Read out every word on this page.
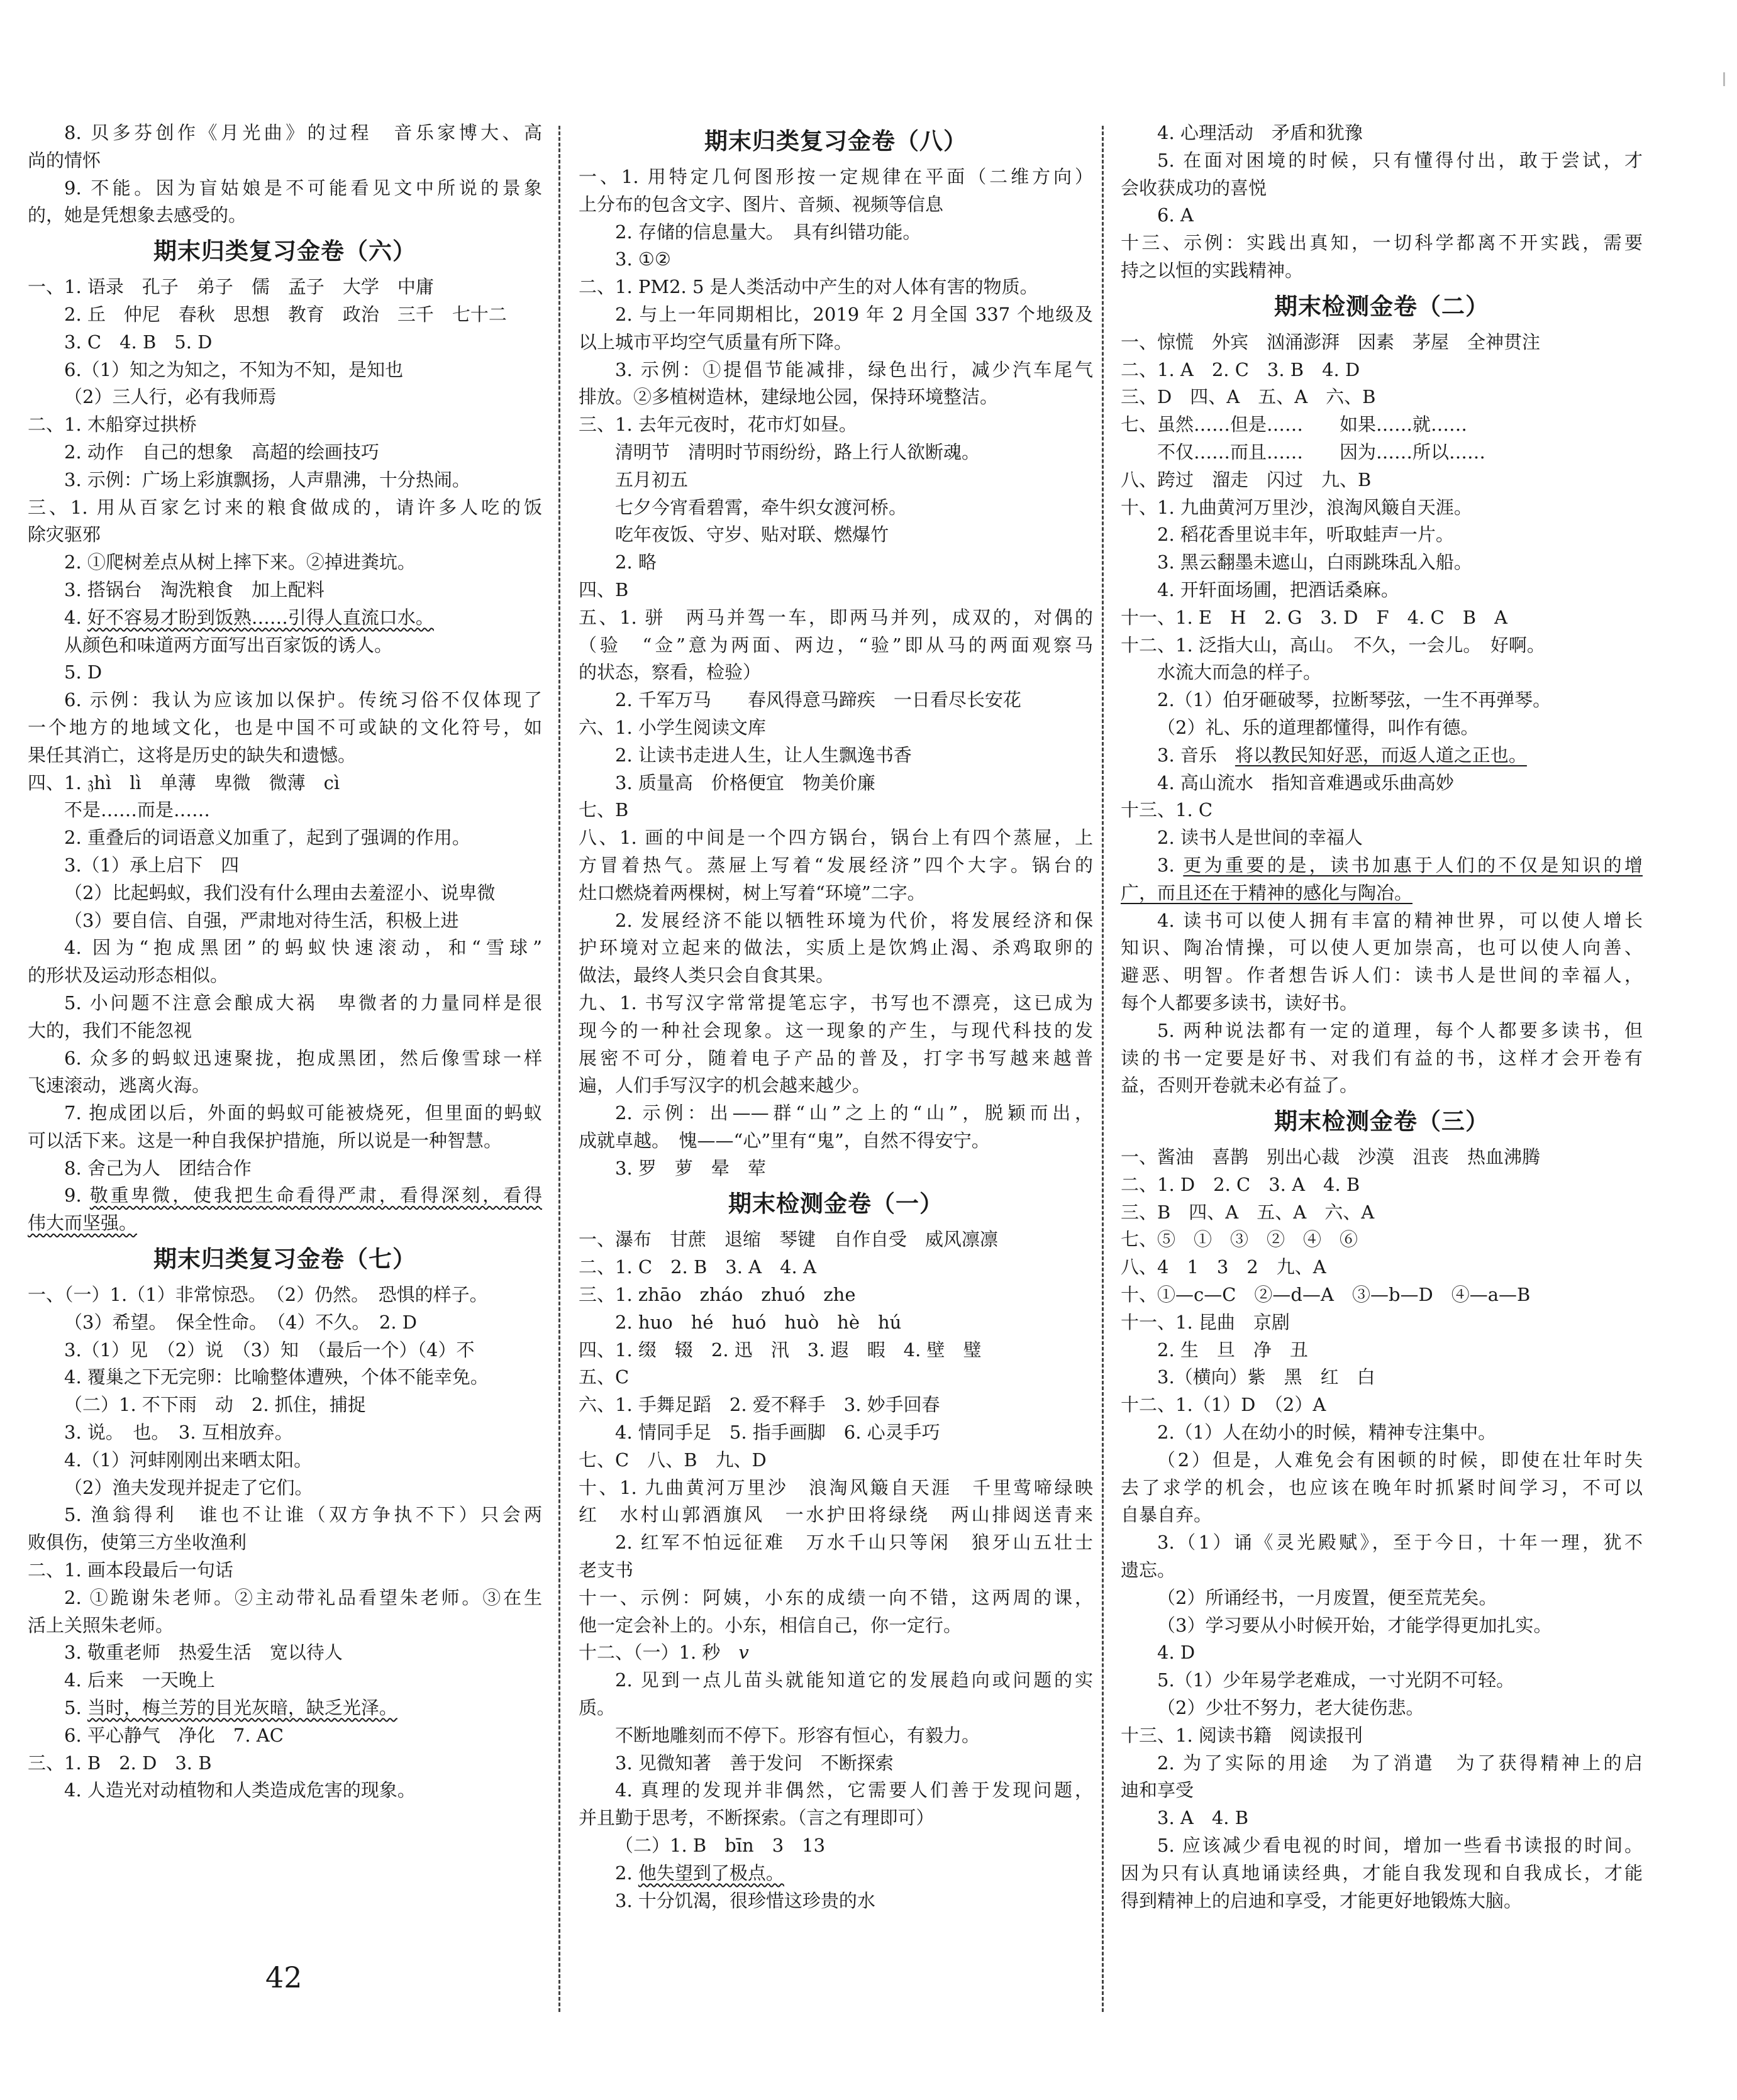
8. 贝多芬创作《月光曲》的过程　音乐家博大、高
尚的情怀
9. 不能。因为盲姑娘是不可能看见文中所说的景象
的，她是凭想象去感受的。
期末归类复习金卷（六）
一、1. 语录　孔子　弟子　儒　孟子　大学　中庸
2. 丘　仲尼　春秋　思想　教育　政治　三千　七十二
3. C　4. B　5. D
6.（1）知之为知之，不知为不知，是知也
（2）三人行，必有我师焉
二、1. 木船穿过拱桥
2. 动作　自己的想象　高超的绘画技巧
3. 示例：广场上彩旗飘扬，人声鼎沸，十分热闹。
三、1. 用从百家乞讨来的粮食做成的，请许多人吃的饭
除灾驱邪
2. ①爬树差点从树上摔下来。②掉进粪坑。
3. 搭锅台　淘洗粮食　加上配料
4. 好不容易才盼到饭熟……引得人直流口水。
从颜色和味道两方面写出百家饭的诱人。
5. D
6. 示例：我认为应该加以保护。传统习俗不仅体现了
一个地方的地域文化，也是中国不可或缺的文化符号，如
果任其消亡，这将是历史的缺失和遗憾。
四、1. 𝔷hì　lì　单薄　卑微　微薄　cì
不是……而是……
2. 重叠后的词语意义加重了，起到了强调的作用。
3.（1）承上启下　四
（2）比起蚂蚁，我们没有什么理由去羞涩小、说卑微
（3）要自信、自强，严肃地对待生活，积极上进
4. 因为“抱成黑团”的蚂蚁快速滚动，和“雪球”
的形状及运动形态相似。
5. 小问题不注意会酿成大祸　卑微者的力量同样是很
大的，我们不能忽视
6. 众多的蚂蚁迅速聚拢，抱成黑团，然后像雪球一样
飞速滚动，逃离火海。
7. 抱成团以后，外面的蚂蚁可能被烧死，但里面的蚂蚁
可以活下来。这是一种自我保护措施，所以说是一种智慧。
8. 舍己为人　团结合作
9. 敬重卑微，使我把生命看得严肃，看得深刻，看得
伟大而坚强。
期末归类复习金卷（七）
一、（一）1.（1）非常惊恐。　（2）仍然。　恐惧的样子。
（3）希望。　保全性命。　（4）不久。　2. D
3.（1）见　（2）说　（3）知　（最后一个）（4）不
4. 覆巢之下无完卵：比喻整体遭殃，个体不能幸免。
（二）1. 不下雨　动　2. 抓住，捕捉
3. 说。　也。　3. 互相放弃。
4.（1）河蚌刚刚出来晒太阳。
（2）渔夫发现并捉走了它们。
5. 渔翁得利　谁也不让谁（双方争执不下）只会两
败俱伤，使第三方坐收渔利
二、1. 画本段最后一句话
2. ①跪谢朱老师。②主动带礼品看望朱老师。③在生
活上关照朱老师。
3. 敬重老师　热爱生活　宽以待人
4. 后来　一天晚上
5. 当时，梅兰芳的目光灰暗，缺乏光泽。
6. 平心静气　净化　7. AC
三、1. B　2. D　3. B
4. 人造光对动植物和人类造成危害的现象。
期末归类复习金卷（八）
一、1. 用特定几何图形按一定规律在平面（二维方向）
上分布的包含文字、图片、音频、视频等信息
2. 存储的信息量大。　具有纠错功能。
3. ①②
二、1. PM2. 5 是人类活动中产生的对人体有害的物质。
2. 与上一年同期相比，2019 年 2 月全国 337 个地级及
以上城市平均空气质量有所下降。
3. 示例：①提倡节能减排，绿色出行，减少汽车尾气
排放。②多植树造林，建绿地公园，保持环境整洁。
三、1. 去年元夜时，花市灯如昼。
清明节　清明时节雨纷纷，路上行人欲断魂。
五月初五
七夕今宵看碧霄，牵牛织女渡河桥。
吃年夜饭、守岁、贴对联、燃爆竹
2. 略
四、B
五、1. 骈　两马并驾一车，即两马并列，成双的，对偶的
（验　“佥”意为两面、两边，“验”即从马的两面观察马
的状态，察看，检验）
2. 千军万马　　春风得意马蹄疾　一日看尽长安花
六、1. 小学生阅读文库
2. 让读书走进人生，让人生飘逸书香
3. 质量高　价格便宜　物美价廉
七、B
八、1. 画的中间是一个四方锅台，锅台上有四个蒸屉，上
方冒着热气。蒸屉上写着“发展经济”四个大字。锅台的
灶口燃烧着两棵树，树上写着“环境”二字。
2. 发展经济不能以牺牲环境为代价，将发展经济和保
护环境对立起来的做法，实质上是饮鸩止渴、杀鸡取卵的
做法，最终人类只会自食其果。
九、1. 书写汉字常常提笔忘字，书写也不漂亮，这已成为
现今的一种社会现象。这一现象的产生，与现代科技的发
展密不可分，随着电子产品的普及，打字书写越来越普
遍，人们手写汉字的机会越来越少。
2. 示例：出——群“山”之上的“山”，脱颖而出，
成就卓越。　愧——“心”里有“鬼”，自然不得安宁。
3. 罗　萝　晕　荤
期末检测金卷（一）
一、瀑布　甘蔗　退缩　琴键　自作自受　威风凛凛
二、1. C　2. B　3. A　4. A
三、1. zhāo　zháo　zhuó　zhe
2. huo　hé　huó　huò　hè　hú
四、1. 缀　辍　2. 迅　汛　3. 遐　暇　4. 壁　璧
五、C
六、1. 手舞足蹈　2. 爱不释手　3. 妙手回春
4. 情同手足　5. 指手画脚　6. 心灵手巧
七、C　八、B　九、D
十、1. 九曲黄河万里沙　浪淘风簸自天涯　千里莺啼绿映
红　水村山郭酒旗风　一水护田将绿绕　两山排闼送青来
2. 红军不怕远征难　万水千山只等闲　狼牙山五壮士
老支书
十一、示例：阿姨，小东的成绩一向不错，这两周的课，
他一定会补上的。小东，相信自己，你一定行。
十二、（一）1. 秒　𝑣
2. 见到一点儿苗头就能知道它的发展趋向或问题的实
质。
不断地雕刻而不停下。形容有恒心，有毅力。
3. 见微知著　善于发问　不断探索
4. 真理的发现并非偶然，它需要人们善于发现问题，
并且勤于思考，不断探索。（言之有理即可）
（二）1. B　bīn　3　13
2. 他失望到了极点。
3. 十分饥渴，很珍惜这珍贵的水
4. 心理活动　矛盾和犹豫
5. 在面对困境的时候，只有懂得付出，敢于尝试，才
会收获成功的喜悦
6. A
十三、示例：实践出真知，一切科学都离不开实践，需要
持之以恒的实践精神。
期末检测金卷（二）
一、惊慌　外宾　汹涌澎湃　因素　茅屋　全神贯注
二、1. A　2. C　3. B　4. D
三、D　四、A　五、A　六、B
七、虽然……但是……　　如果……就……
不仅……而且……　　因为……所以……
八、跨过　溜走　闪过　九、B
十、1. 九曲黄河万里沙，浪淘风簸自天涯。
2. 稻花香里说丰年，听取蛙声一片。
3. 黑云翻墨未遮山，白雨跳珠乱入船。
4. 开轩面场圃，把酒话桑麻。
十一、1. E　H　2. G　3. D　F　4. C　B　A
十二、1. 泛指大山，高山。　不久，一会儿。　好啊。
水流大而急的样子。
2.（1）伯牙砸破琴，拉断琴弦，一生不再弹琴。
（2）礼、乐的道理都懂得，叫作有德。
3. 音乐　将以教民知好恶，而返人道之正也。
4. 高山流水　指知音难遇或乐曲高妙
十三、1. C
2. 读书人是世间的幸福人
3. 更为重要的是，读书加惠于人们的不仅是知识的增
广，而且还在于精神的感化与陶冶。
4. 读书可以使人拥有丰富的精神世界，可以使人增长
知识、陶冶情操，可以使人更加崇高，也可以使人向善、
避恶、明智。作者想告诉人们：读书人是世间的幸福人，
每个人都要多读书，读好书。
5. 两种说法都有一定的道理，每个人都要多读书，但
读的书一定要是好书、对我们有益的书，这样才会开卷有
益，否则开卷就未必有益了。
期末检测金卷（三）
一、酱油　喜鹊　别出心裁　沙漠　沮丧　热血沸腾
二、1. D　2. C　3. A　4. B
三、B　四、A　五、A　六、A
七、⑤　①　③　②　④　⑥
八、4　1　3　2　九、A
十、①—c—C　②—d—A　③—b—D　④—a—B
十一、1. 昆曲　京剧
2. 生　旦　净　丑
3.（横向）紫　黑　红　白
十二、1.（1）D　（2）A
2.（1）人在幼小的时候，精神专注集中。
（2）但是，人难免会有困顿的时候，即使在壮年时失
去了求学的机会，也应该在晚年时抓紧时间学习，不可以
自暴自弃。
3.（1）诵《灵光殿赋》，至于今日，十年一理，犹不
遗忘。
（2）所诵经书，一月废置，便至荒芜矣。
（3）学习要从小时候开始，才能学得更加扎实。
4. D
5.（1）少年易学老难成，一寸光阴不可轻。
（2）少壮不努力，老大徒伤悲。
十三、1. 阅读书籍　阅读报刊
2. 为了实际的用途　为了消遣　为了获得精神上的启
迪和享受
3. A　4. B
5. 应该减少看电视的时间，增加一些看书读报的时间。
因为只有认真地诵读经典，才能自我发现和自我成长，才能
得到精神上的启迪和享受，才能更好地锻炼大脑。
42
